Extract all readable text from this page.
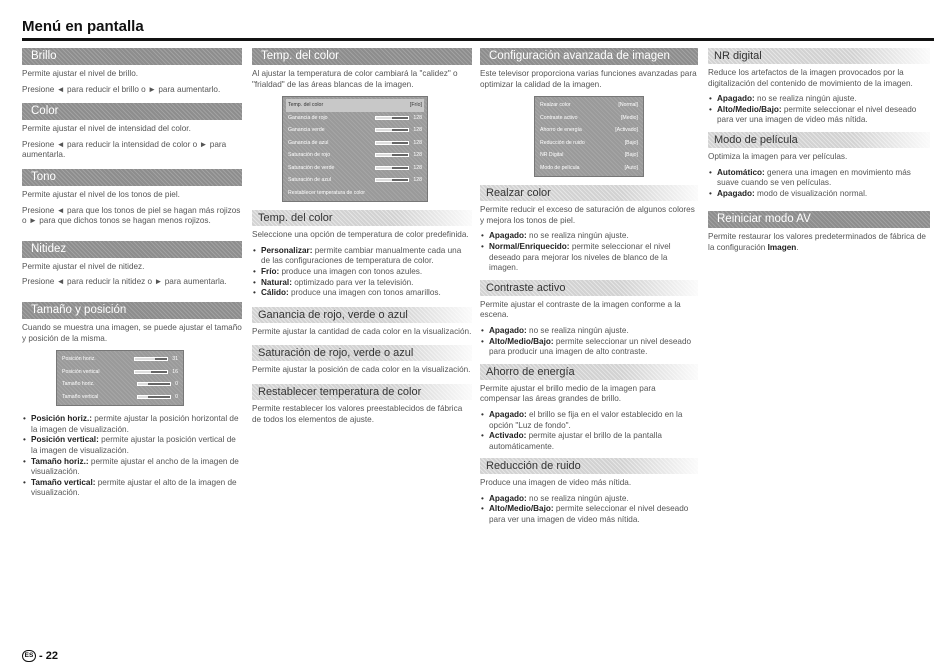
Menú en pantalla
Brillo

Permite ajustar el nivel de brillo.

Presione ◄ para reducir el brillo o ► para aumentarlo.

Color

Permite ajustar el nivel de intensidad del color.

Presione ◄ para reducir la intensidad de color o ► para aumentarla.

Tono

Permite ajustar el nivel de los tonos de piel.

Presione ◄ para que los tonos de piel se hagan más rojizos o ► para que dichos tonos se hagan menos rojizos.

Nitidez

Permite ajustar el nivel de nitidez.

Presione ◄ para reducir la nitidez o ► para aumentarla.

Tamaño y posición

Cuando se muestra una imagen, se puede ajustar el tamaño y posición de la misma.

Posición horiz.	31
Posición vertical	16
Tamaño horiz.	0
Tamaño vertical	0
• Posición horiz.: permite ajustar la posición horizontal de la imagen de visualización.
• Posición vertical: permite ajustar la posición vertical de la imagen de visualización.
• Tamaño horiz.: permite ajustar el ancho de la imagen de visualización.
• Tamaño vertical: permite ajustar el alto de la imagen de visualización.
Temp. del color

Al ajustar la temperatura de color cambiará la "calidez" o "frialdad" de las áreas blancas de la imagen.

Temp. del color	[Frío]
Ganancia de rojo	128
Ganancia verde	128
Ganancia de azul	128
Saturación de rojo	128
Saturación de verde	128
Saturación de azul	128
Restablecer temperatura de color
Temp. del color

Seleccione una opción de temperatura de color predefinida.

• Personalizar: permite cambiar manualmente cada una de las configuraciones de temperatura de color.
• Frío: produce una imagen con tonos azules.
• Natural: optimizado para ver la televisión.
• Cálido: produce una imagen con tonos amarillos.
Ganancia de rojo, verde o azul

Permite ajustar la cantidad de cada color en la visualización.

Saturación de rojo, verde o azul

Permite ajustar la posición de cada color en la visualización.

Restablecer temperatura de color

Permite restablecer los valores preestablecidos de fábrica de todos los elementos de ajuste.

Configuración avanzada de imagen

Este televisor proporciona varias funciones avanzadas para optimizar la calidad de la imagen.

Realzar color	[Normal]
Contraste activo	[Medio]
Ahorro de energía	[Activado]
Reducción de ruido	[Bajo]
NR Digital	[Bajo]
Modo de película	[Auto]
Realzar color

Permite reducir el exceso de saturación de algunos colores y mejora los tonos de piel.

• Apagado: no se realiza ningún ajuste.
• Normal/Enriquecido: permite seleccionar el nivel deseado para mejorar los niveles de blanco de la imagen.
Contraste activo

Permite ajustar el contraste de la imagen conforme a la escena.

• Apagado: no se realiza ningún ajuste.
• Alto/Medio/Bajo: permite seleccionar un nivel deseado para producir una imagen de alto contraste.
Ahorro de energía

Permite ajustar el brillo medio de la imagen para compensar las áreas grandes de brillo.

• Apagado: el brillo se fija en el valor establecido en la opción "Luz de fondo".
• Activado: permite ajustar el brillo de la pantalla automáticamente.
Reducción de ruido

Produce una imagen de video más nítida.

• Apagado: no se realiza ningún ajuste.
• Alto/Medio/Bajo: permite seleccionar el nivel deseado para ver una imagen de video más nítida.
NR digital

Reduce los artefactos de la imagen provocados por la digitalización del contenido de movimiento de la imagen.

• Apagado: no se realiza ningún ajuste.
• Alto/Medio/Bajo: permite seleccionar el nivel deseado para ver una imagen de video más nítida.
Modo de película

Optimiza la imagen para ver películas.

• Automático: genera una imagen en movimiento más suave cuando se ven películas.
• Apagado: modo de visualización normal.
Reiniciar modo AV

Permite restaurar los valores predeterminados de fábrica de la configuración Imagen.

ES - 22
